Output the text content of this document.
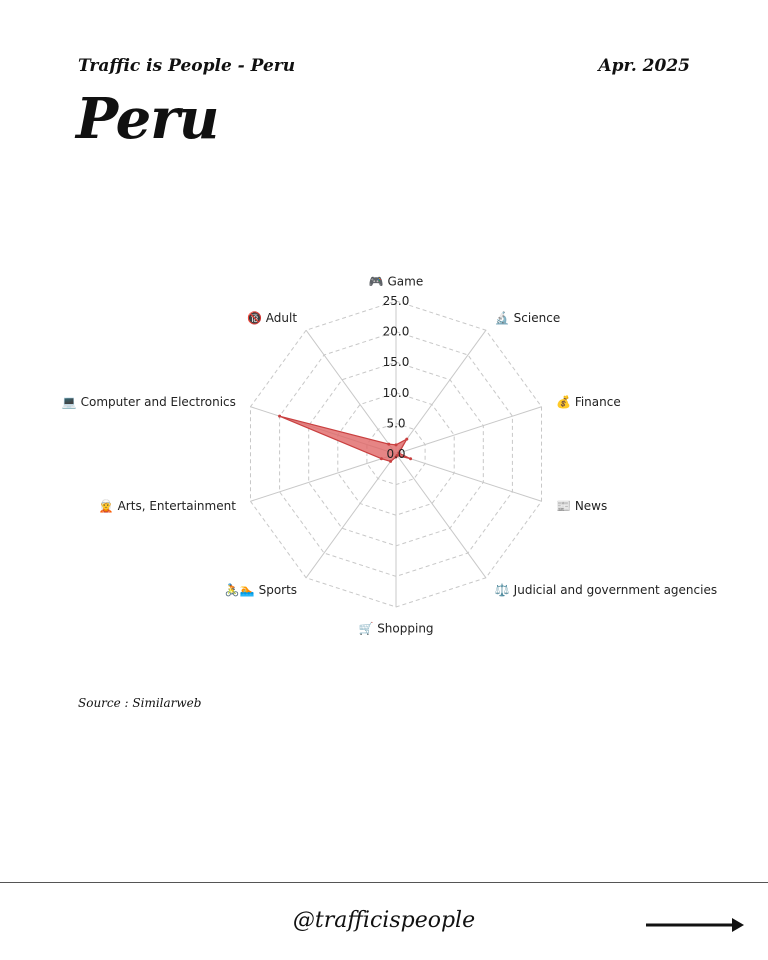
Traffic is People - Peru	Apr. 2025
Peru
0.0
5.0
10.0
15.0
20.0
25.0
🎮 Game
🔬 Science
💰 Finance
📰 News
⚖️ Judicial and government agencies
🛒 Shopping
🚴🏊 Sports
🧝 Arts, Entertainment
💻 Computer and Electronics
🔞 Adult
Source : Similarweb
@trafficispeople
